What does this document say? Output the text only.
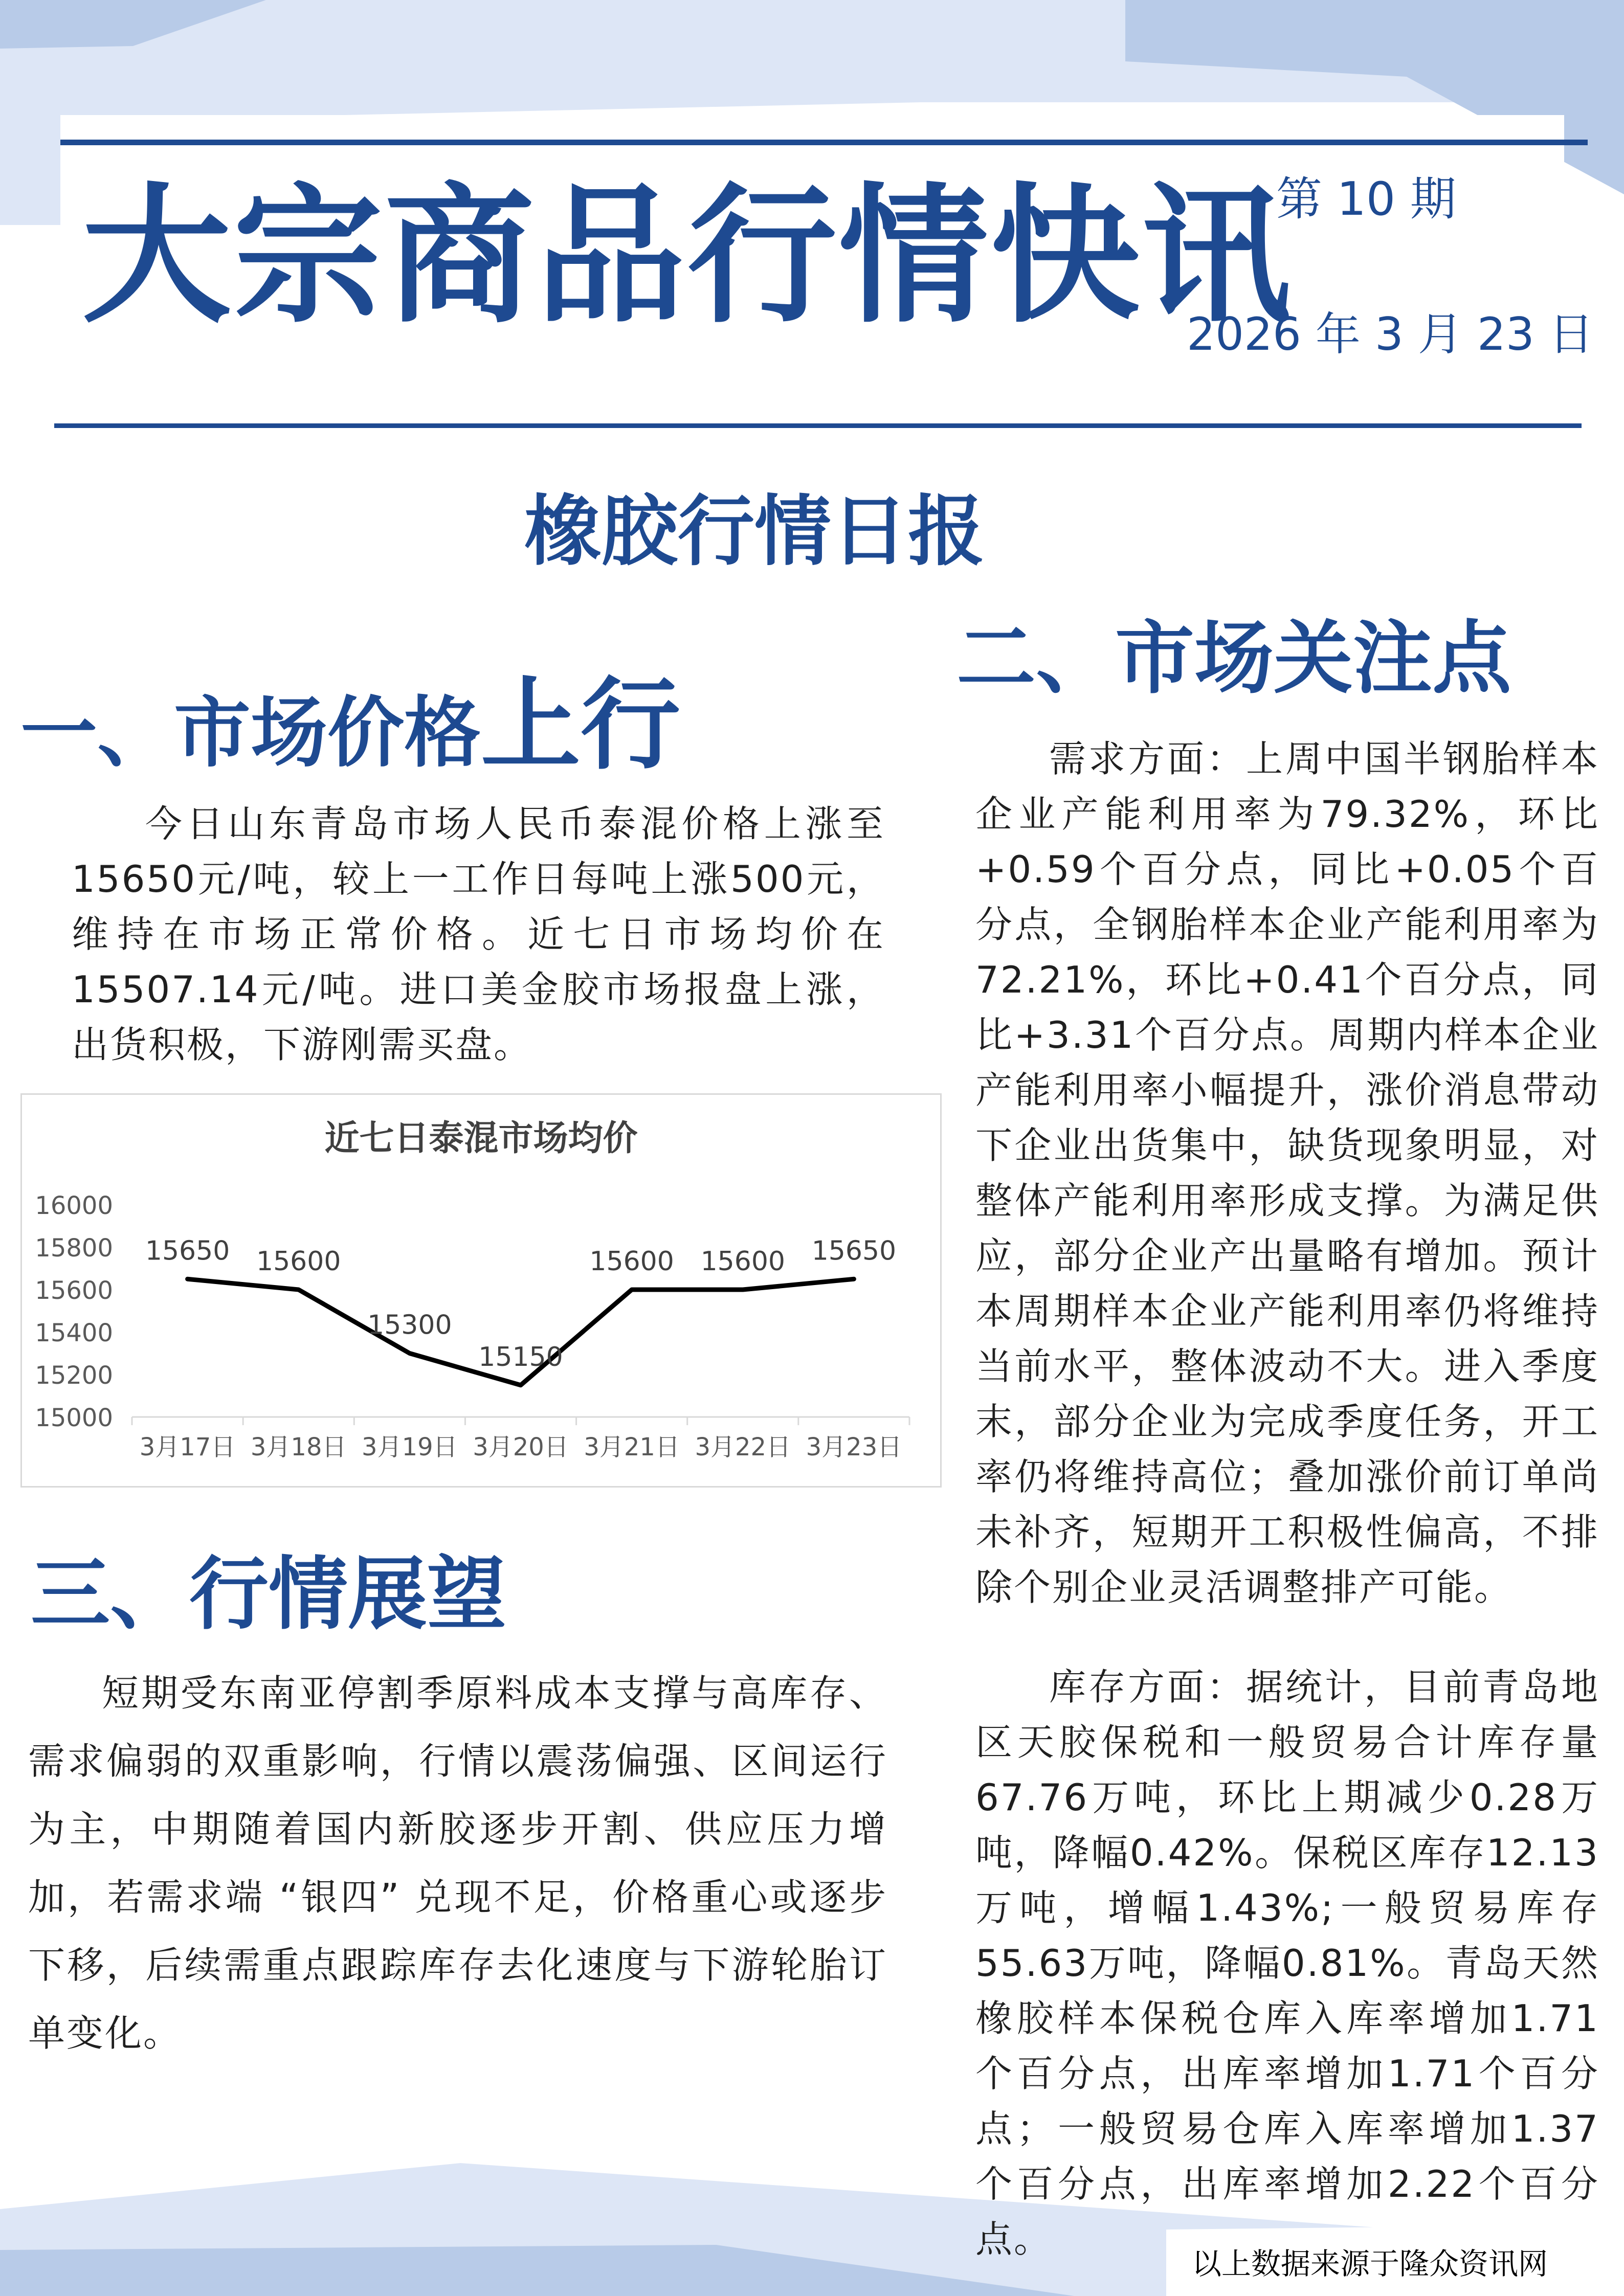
大宗商品行情快讯
第 10 期
2026 年 3 月 23 日
橡胶行情日报
一、市场价格上行

今日山东青岛市场人民币泰混价格上涨至15650元/吨，较上一工作日每吨上涨500元，维持在市场正常价格。近七日市场均价在15507.14元/吨。进口美金胶市场报盘上涨，出货积极，下游刚需买盘。

近七日泰混市场均价
15000
15200
15400
15600
15800
16000
3月17日 3月18日 3月19日 3月20日 3月21日 3月22日 3月23日
15650 15600
15300
15150
15600 15600 15650
二、市场关注点

需求方面：上周中国半钢胎样本企业产能利用率为79.32%，环比+0.59个百分点，同比+0.05个百分点，全钢胎样本企业产能利用率为72.21%，环比+0.41个百分点，同比+3.31个百分点。周期内样本企业产能利用率小幅提升，涨价消息带动下企业出货集中，缺货现象明显，对整体产能利用率形成支撑。为满足供应，部分企业产出量略有增加。预计本周期样本企业产能利用率仍将维持当前水平，整体波动不大。进入季度末，部分企业为完成季度任务，开工率仍将维持高位；叠加涨价前订单尚未补齐，短期开工积极性偏高，不排除个别企业灵活调整排产可能。

库存方面：据统计，目前青岛地区天胶保税和一般贸易合计库存量67.76万吨，环比上期减少0.28万吨，降幅0.42%。保税区库存12.13万吨，增幅1.43%;一般贸易库存55.63万吨，降幅0.81%。青岛天然橡胶样本保税仓库入库率增加1.71个百分点，出库率增加1.71个百分点；一般贸易仓库入库率增加1.37个百分点，出库率增加2.22个百分点。

三、行情展望

短期受东南亚停割季原料成本支撑与高库存、需求偏弱的双重影响，行情以震荡偏强、区间运行为主，中期随着国内新胶逐步开割、供应压力增加，若需求端 “银四” 兑现不足，价格重心或逐步下移，后续需重点跟踪库存去化速度与下游轮胎订单变化。

以上数据来源于隆众资讯网
